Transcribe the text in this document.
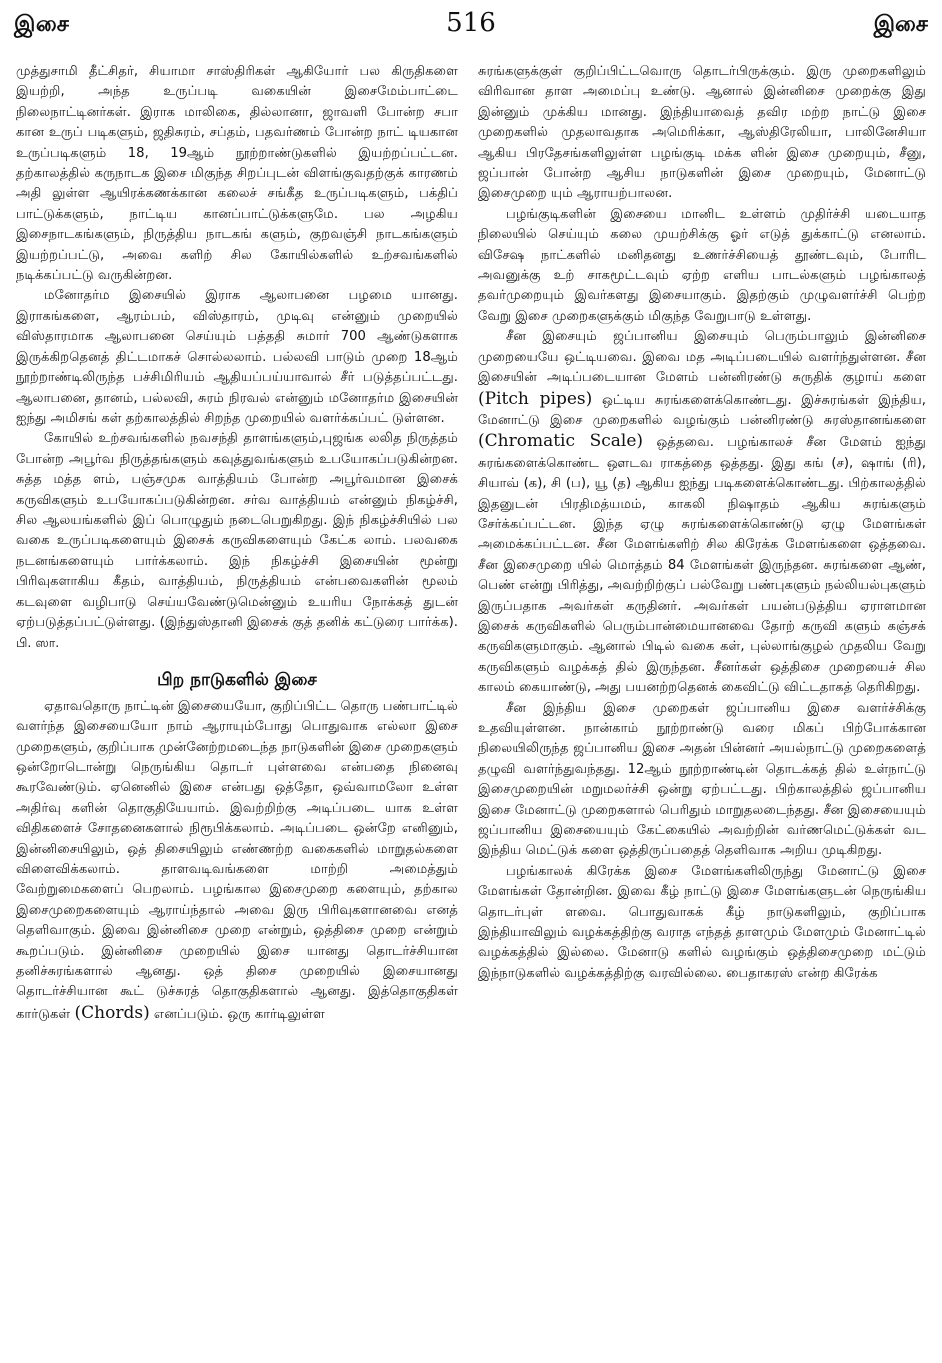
இசை	516	இசை

முத்துசாமி தீட்சிதர், சியாமா சாஸ்திரிகள் ஆகியோர் பல கிருதிகளை இயற்றி, அந்த உருப்படி வகையின் இசைமேம்பாட்டை நிலைநாட்டினர்கள். இராக மாலிகை, தில்லானா, ஜாவளி போன்ற சபா கான உருப் படிகளும், ஜதிசுரம், சப்தம், பதவர்ணம் போன்ற நாட் டியகான உருப்படிகளும் 18, 19ஆம் நூற்றாண்டுகளில் இயற்றப்பட்டன. தற்காலத்தில் கருநாடக இசை மிகுந்த சிறப்புடன் விளங்குவதற்குக் காரணம் அதி லுள்ள ஆயிரக்கணக்கான கலைச் சங்கீத உருப்படிகளும், பக்திப் பாட்டுக்களும், நாட்டிய கானப்பாட்டுக்களுமே. பல அழகிய இசைநாடகங்களும், நிருத்திய நாடகங் களும், குறவஞ்சி நாடகங்களும் இயற்றப்பட்டு, அவை களிற் சில கோயில்களில் உற்சவங்களில் நடிக்கப்பட்டு வருகின்றன.

மனோதர்ம இசையில் இராக ஆலாபனை பழமை யானது. இராகங்களை, ஆரம்பம், விஸ்தாரம், முடிவு என்னும் முறையில் விஸ்தாரமாக ஆலாபனை செய்யும் பத்ததி சுமார் 700 ஆண்டுகளாக இருக்கிறதெனத் திட்டமாகச் சொல்லலாம். பல்லவி பாடும் முறை 18ஆம் நூற்றாண்டிலிருந்த பச்சிமிரியம் ஆதியப்பய்யாவால் சீர் படுத்தப்பட்டது. ஆலாபனை, தானம், பல்லவி, சுரம் நிரவல் என்னும் மனோதர்ம இசையின் ஐந்து அமிசங் கள் தற்காலத்தில் சிறந்த முறையில் வளர்க்கப்பட் டுள்ளன.

கோயில் உற்சவங்களில் நவசந்தி தாளங்களும்,புஜங்க லலித நிருத்தம் போன்ற அபூர்வ நிருத்தங்களும் கவுத்துவங்களும் உபயோகப்படுகின்றன. சுத்த மத்த ளம், பஞ்சமுக வாத்தியம் போன்ற அபூர்வமான இசைக் கருவிகளும் உபயோகப்படுகின்றன. சர்வ வாத்தியம் என்னும் நிகழ்ச்சி, சில ஆலயங்களில் இப் பொழுதும் நடைபெறுகிறது. இந் நிகழ்ச்சியில் பல வகை உருப்படிகளையும் இசைக் கருவிகளையும் கேட்க லாம். பலவகை நடனங்களையும் பார்க்கலாம். இந் நிகழ்ச்சி இசையின் மூன்று பிரிவுகளாகிய கீதம், வாத்தியம், நிருத்தியம் என்பவைகளின் மூலம் கடவுளை வழிபாடு செய்யவேண்டுமென்னும் உயரிய நோக்கத் துடன் ஏற்படுத்தப்பட்டுள்ளது. (இந்துஸ்தானி இசைக் குத் தனிக் கட்டுரை பார்க்க). பி. ஸா.

பிற நாடுகளில் இசை

ஏதாவதொரு நாட்டின் இசையையோ, குறிப்பிட்ட தொரு பண்பாட்டில் வளர்ந்த இசையையோ நாம் ஆராயும்போது பொதுவாக எல்லா இசை முறைகளும், குறிப்பாக முன்னேற்றமடைந்த நாடுகளின் இசை முறைகளும் ஒன்றோடொன்று நெருங்கிய தொடர் புள்ளவை என்பதை நினைவு கூரவேண்டும். ஏனெனில் இசை என்பது ஒத்தோ, ஒவ்வாமலோ உள்ள அதிர்வு களின் தொகுதியேயாம். இவற்றிற்கு அடிப்படை யாக உள்ள விதிகளைச் சோதனைகளால் நிரூபிக்கலாம். அடிப்படை ஒன்றே எனினும், இன்னிசையிலும், ஒத் திசையிலும் எண்ணற்ற வகைகளில் மாறுதல்களை விளைவிக்கலாம். தாளவடிவங்களை மாற்றி அமைத்தும் வேற்றுமைகளைப் பெறலாம். பழங்கால இசைமுறை களையும், தற்கால இசைமுறைகளையும் ஆராய்ந்தால் அவை இரு பிரிவுகளானவை எனத் தெளிவாகும். இவை இன்னிசை முறை என்றும், ஒத்திசை முறை என்றும் கூறப்படும். இன்னிசை முறையில் இசை யானது தொடர்ச்சியான தனிச்சுரங்களால் ஆனது. ஒத் திசை முறையில் இசையானது தொடர்ச்சியான கூட் டுச்சுரத் தொகுதிகளால் ஆனது. இத்தொகுதிகள் கார்டுகள் (Chords) எனப்படும். ஒரு கார்டிலுள்ள

சுரங்களுக்குள் குறிப்பிட்டவொரு தொடர்பிருக்கும். இரு முறைகளிலும் விரிவான தாள அமைப்பு உண்டு. ஆனால் இன்னிசை முறைக்கு இது இன்னும் முக்கிய மானது. இந்தியாவைத் தவிர மற்ற நாட்டு இசை முறைகளில் முதலாவதாக அமெரிக்கா, ஆஸ்திரேலியா, பாலினேசியா ஆகிய பிரதேசங்களிலுள்ள பழங்குடி மக்க ளின் இசை முறையும், சீனு, ஜப்பான் போன்ற ஆசிய நாடுகளின் இசை முறையும், மேனாட்டு இசைமுறை யும் ஆராயற்பாலன.

பழங்குடிகளின் இசையை மானிட உள்ளம் முதிர்ச்சி யடையாத நிலையில் செய்யும் கலை முயற்சிக்கு ஓர் எடுத் துக்காட்டு எனலாம். விசேஷ நாட்களில் மனிதனது உணர்ச்சியைத் தூண்டவும், போரிட அவனுக்கு உற் சாகமூட்டவும் ஏற்ற எளிய பாடல்களும் பழங்காலத் தவர்முறையும் இவர்களது இசையாகும். இதற்கும் முழுவளர்ச்சி பெற்ற வேறு இசை முறைகளுக்கும் மிகுந்த வேறுபாடு உள்ளது.

சீன இசையும் ஜப்பானிய இசையும் பெரும்பாலும் இன்னிசை முறையையே ஒட்டியவை. இவை மத அடிப்படையில் வளர்ந்துள்ளன. சீன இசையின் அடிப்படையான மேளம் பன்னிரண்டு சுருதிக் குழாய் களை (Pitch pipes) ஒட்டிய சுரங்களைக்கொண்டது. இச்சுரங்கள் இந்திய, மேனாட்டு இசை முறைகளில் வழங்கும் பன்னிரண்டு சுரஸ்தானங்களை (Chromatic Scale) ஒத்தவை. பழங்காலச் சீன மேளம் ஐந்து சுரங்களைக்கொண்ட ஔடவ ராகத்தை ஒத்தது. இது கங் (ச), ஷாங் (ரி), சியாவ் (க), சி (ப), யூ (த) ஆகிய ஐந்து படிகளைக்கொண்டது. பிற்காலத்தில் இதனுடன் பிரதிமத்யமம், காகலி நிஷாதம் ஆகிய சுரங்களும் சேர்க்கப்பட்டன. இந்த ஏழு சுரங்களைக்கொண்டு ஏழு மேளங்கள் அமைக்கப்பட்டன. சீன மேளங்களிற் சில கிரேக்க மேளங்களை ஒத்தவை. சீன இசைமுறை யில் மொத்தம் 84 மேளங்கள் இருந்தன. சுரங்களை ஆண், பெண் என்று பிரித்து, அவற்றிற்குப் பல்வேறு பண்புகளும் நல்லியல்புகளும் இருப்பதாக அவர்கள் கருதினர். அவர்கள் பயன்படுத்திய ஏராளமான இசைக் கருவிகளில் பெரும்பான்மையானவை தோற் கருவி களும் கஞ்சக் கருவிகளுமாகும். ஆனால் பிடில் வகை கள், புல்லாங்குழல் முதலிய வேறு கருவிகளும் வழக்கத் தில் இருந்தன. சீனர்கள் ஒத்திசை முறையைச் சில காலம் கையாண்டு, அது பயனற்றதெனக் கைவிட்டு விட்டதாகத் தெரிகிறது.

சீன இந்திய இசை முறைகள் ஜப்பானிய இசை வளர்ச்சிக்கு உதவியுள்ளன. நான்காம் நூற்றாண்டு வரை மிகப் பிற்போக்கான நிலையிலிருந்த ஜப்பானிய இசை அதன் பின்னர் அயல்நாட்டு முறைகளைத் தழுவி வளர்ந்துவந்தது. 12ஆம் நூற்றாண்டின் தொடக்கத் தில் உள்நாட்டு இசைமுறையின் மறுமலர்ச்சி ஒன்று ஏற்பட்டது. பிற்காலத்தில் ஜப்பானிய இசை மேனாட்டு முறைகளால் பெரிதும் மாறுதலடைந்தது. சீன இசையையும் ஜப்பானிய இசையையும் கேட்கையில் அவற்றின் வர்ணமெட்டுக்கள் வட இந்திய மெட்டுக் களை ஒத்திருப்பதைத் தெளிவாக அறிய முடிகிறது.

பழங்காலக் கிரேக்க இசை மேளங்களிலிருந்து மேனாட்டு இசை மேளங்கள் தோன்றின. இவை கீழ் நாட்டு இசை மேளங்களுடன் நெருங்கிய தொடர்புள் ளவை. பொதுவாகக் கீழ் நாடுகளிலும், குறிப்பாக இந்தியாவிலும் வழக்கத்திற்கு வராத எந்தத் தாளமும் மேளமும் மேனாட்டில் வழக்கத்தில் இல்லை. மேனாடு களில் வழங்கும் ஒத்திசைமுறை மட்டும் இந்நாடுகளில் வழக்கத்திற்கு வரவில்லை. பைதாகரஸ் என்ற கிரேக்க
